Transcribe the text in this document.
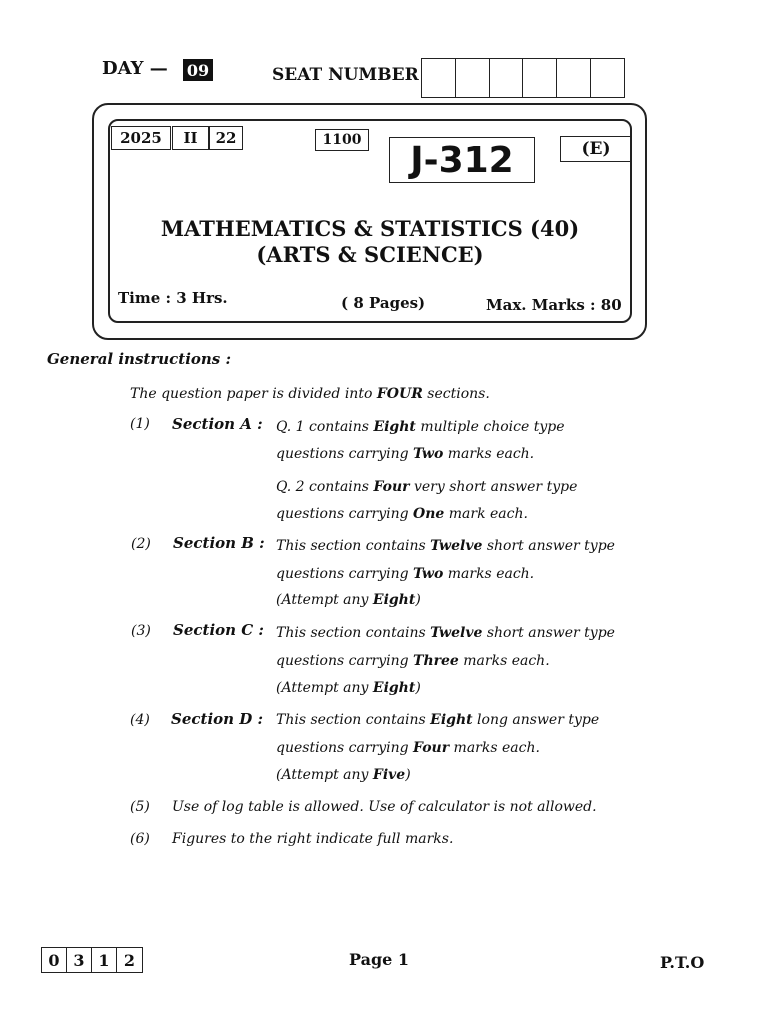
DAY — 09	SEAT NUMBER
2025	II	22	1100	J-312	(E)
MATHEMATICS & STATISTICS (40)
(ARTS & SCIENCE)
Time : 3 Hrs.	( 8 Pages)	Max. Marks : 80
General instructions :
The question paper is divided into FOUR sections.
(1) Section A : Q. 1 contains Eight multiple choice type
questions carrying Two marks each.
Q. 2 contains Four very short answer type
questions carrying One mark each.
(2) Section B : This section contains Twelve short answer type
questions carrying Two marks each.
(Attempt any Eight)
(3) Section C : This section contains Twelve short answer type
questions carrying Three marks each.
(Attempt any Eight)
(4) Section D : This section contains Eight long answer type
questions carrying Four marks each.
(Attempt any Five)
(5) Use of log table is allowed. Use of calculator is not allowed.
(6) Figures to the right indicate full marks.
0 3 1 2	Page 1	P.T.O
